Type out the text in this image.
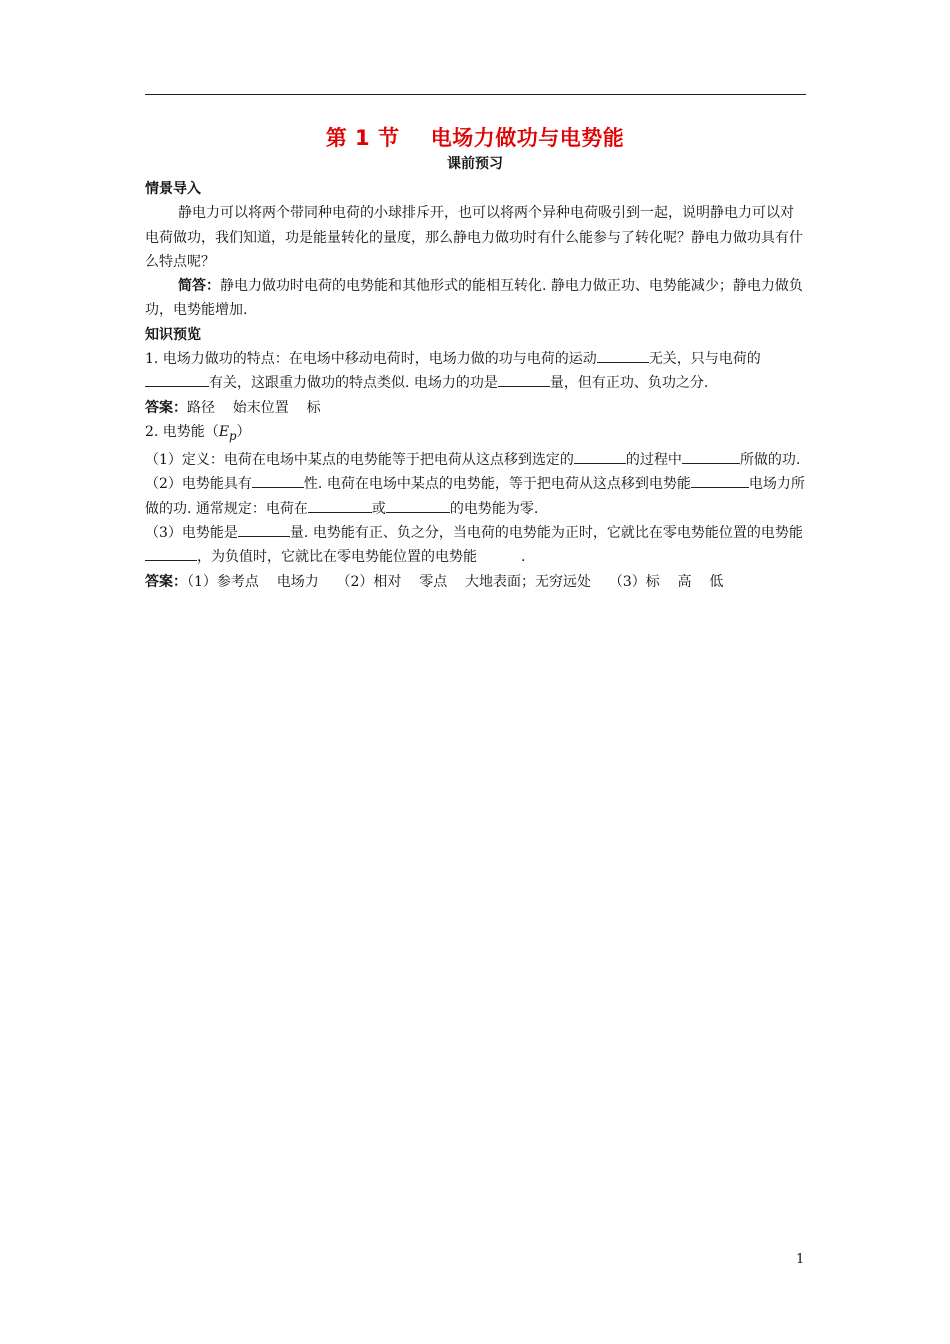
第 1 节    电场力做功与电势能
课前预习

情景导入

静电力可以将两个带同种电荷的小球排斥开，也可以将两个异种电荷吸引到一起，说明静电力可以对电荷做功，我们知道，功是能量转化的量度，那么静电力做功时有什么能参与了转化呢？静电力做功具有什么特点呢？

简答：静电力做功时电荷的电势能和其他形式的能相互转化. 静电力做正功、电势能减少；静电力做负功，电势能增加.

知识预览

1. 电场力做功的特点：在电场中移动电荷时，电场力做的功与电荷的运动	无关，只与电荷的有关，这跟重力做功的特点类似. 电场力的功是	量，但有正功、负功之分.

答案：路径    始末位置    标

2. 电势能$(E_p)$

（1）定义：电荷在电场中某点的电势能等于把电荷从这点移到选定的	的过程中	所做的功.

（2）电势能具有	性. 电荷在电场中某点的电势能，等于把电荷从这点移到电势能	电场力所做的功. 通常规定：电荷在	或	的电势能为零.

（3）电势能是	量. 电势能有正、负之分，当电荷的电势能为正时，它就比在零电势能位置的电势能，为负值时，它就比在零电势能位置的电势能	.

答案：（1）参考点    电场力    （2）相对    零点    大地表面；无穷远处    （3）标    高    低

1
